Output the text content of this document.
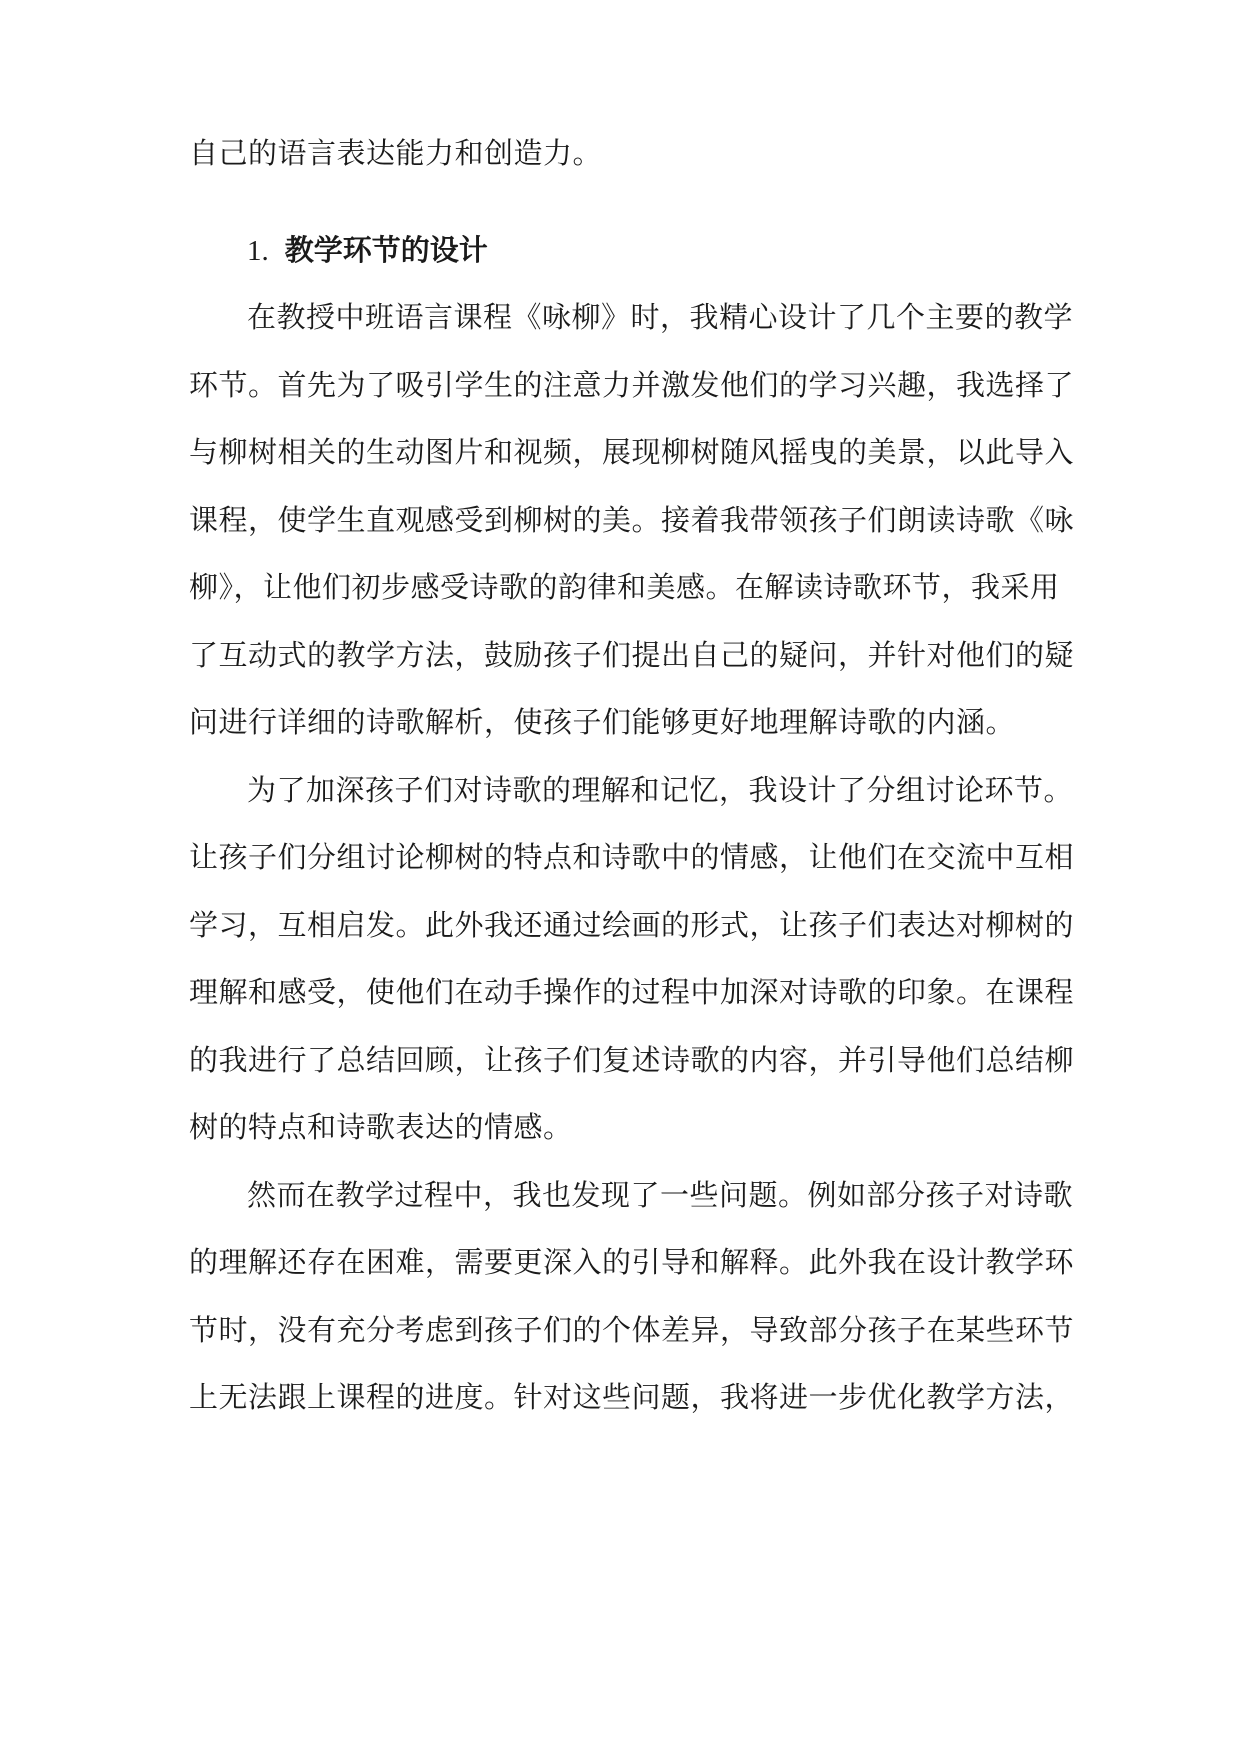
自己的语言表达能力和创造力。
1. 教学环节的设计
在教授中班语言课程《咏柳》时，我精心设计了几个主要的教学
环节。首先为了吸引学生的注意力并激发他们的学习兴趣，我选择了
与柳树相关的生动图片和视频，展现柳树随风摇曳的美景，以此导入
课程，使学生直观感受到柳树的美。接着我带领孩子们朗读诗歌《咏
柳》，让他们初步感受诗歌的韵律和美感。在解读诗歌环节，我采用
了互动式的教学方法，鼓励孩子们提出自己的疑问，并针对他们的疑
问进行详细的诗歌解析，使孩子们能够更好地理解诗歌的内涵。
为了加深孩子们对诗歌的理解和记忆，我设计了分组讨论环节。
让孩子们分组讨论柳树的特点和诗歌中的情感，让他们在交流中互相
学习，互相启发。此外我还通过绘画的形式，让孩子们表达对柳树的
理解和感受，使他们在动手操作的过程中加深对诗歌的印象。在课程
的我进行了总结回顾，让孩子们复述诗歌的内容，并引导他们总结柳
树的特点和诗歌表达的情感。
然而在教学过程中，我也发现了一些问题。例如部分孩子对诗歌
的理解还存在困难，需要更深入的引导和解释。此外我在设计教学环
节时，没有充分考虑到孩子们的个体差异，导致部分孩子在某些环节
上无法跟上课程的进度。针对这些问题，我将进一步优化教学方法，
